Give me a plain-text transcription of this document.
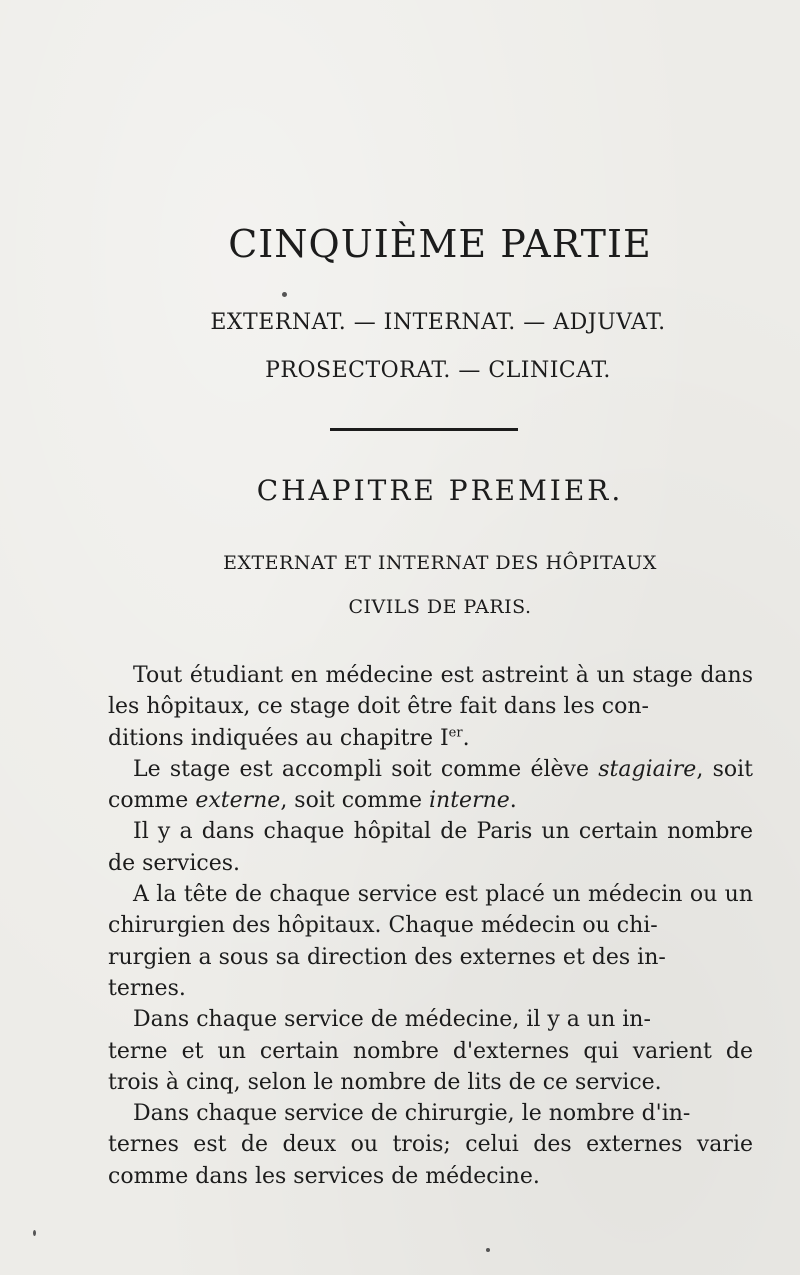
CINQUIÈME PARTIE

EXTERNAT. — INTERNAT. — ADJUVAT.

PROSECTORAT. — CLINICAT.

CHAPITRE PREMIER.

EXTERNAT ET INTERNAT DES HÔPITAUX

CIVILS DE PARIS.

Tout étudiant en médecine est astreint à un stage dans les hôpitaux, ce stage doit être fait dans les con-

ditions indiquées au chapitre Ier.

Le stage est accompli soit comme élève stagiaire, soit comme externe, soit comme interne.

Il y a dans chaque hôpital de Paris un certain nombre de services.

A la tête de chaque service est placé un médecin ou un chirurgien des hôpitaux. Chaque médecin ou chi-

rurgien a sous sa direction des externes et des in-

ternes.

Dans chaque service de médecine, il y a un in-

terne et un certain nombre d'externes qui varient de trois à cinq, selon le nombre de lits de ce service.

Dans chaque service de chirurgie, le nombre d'in-

ternes est de deux ou trois; celui des externes varie comme dans les services de médecine.
